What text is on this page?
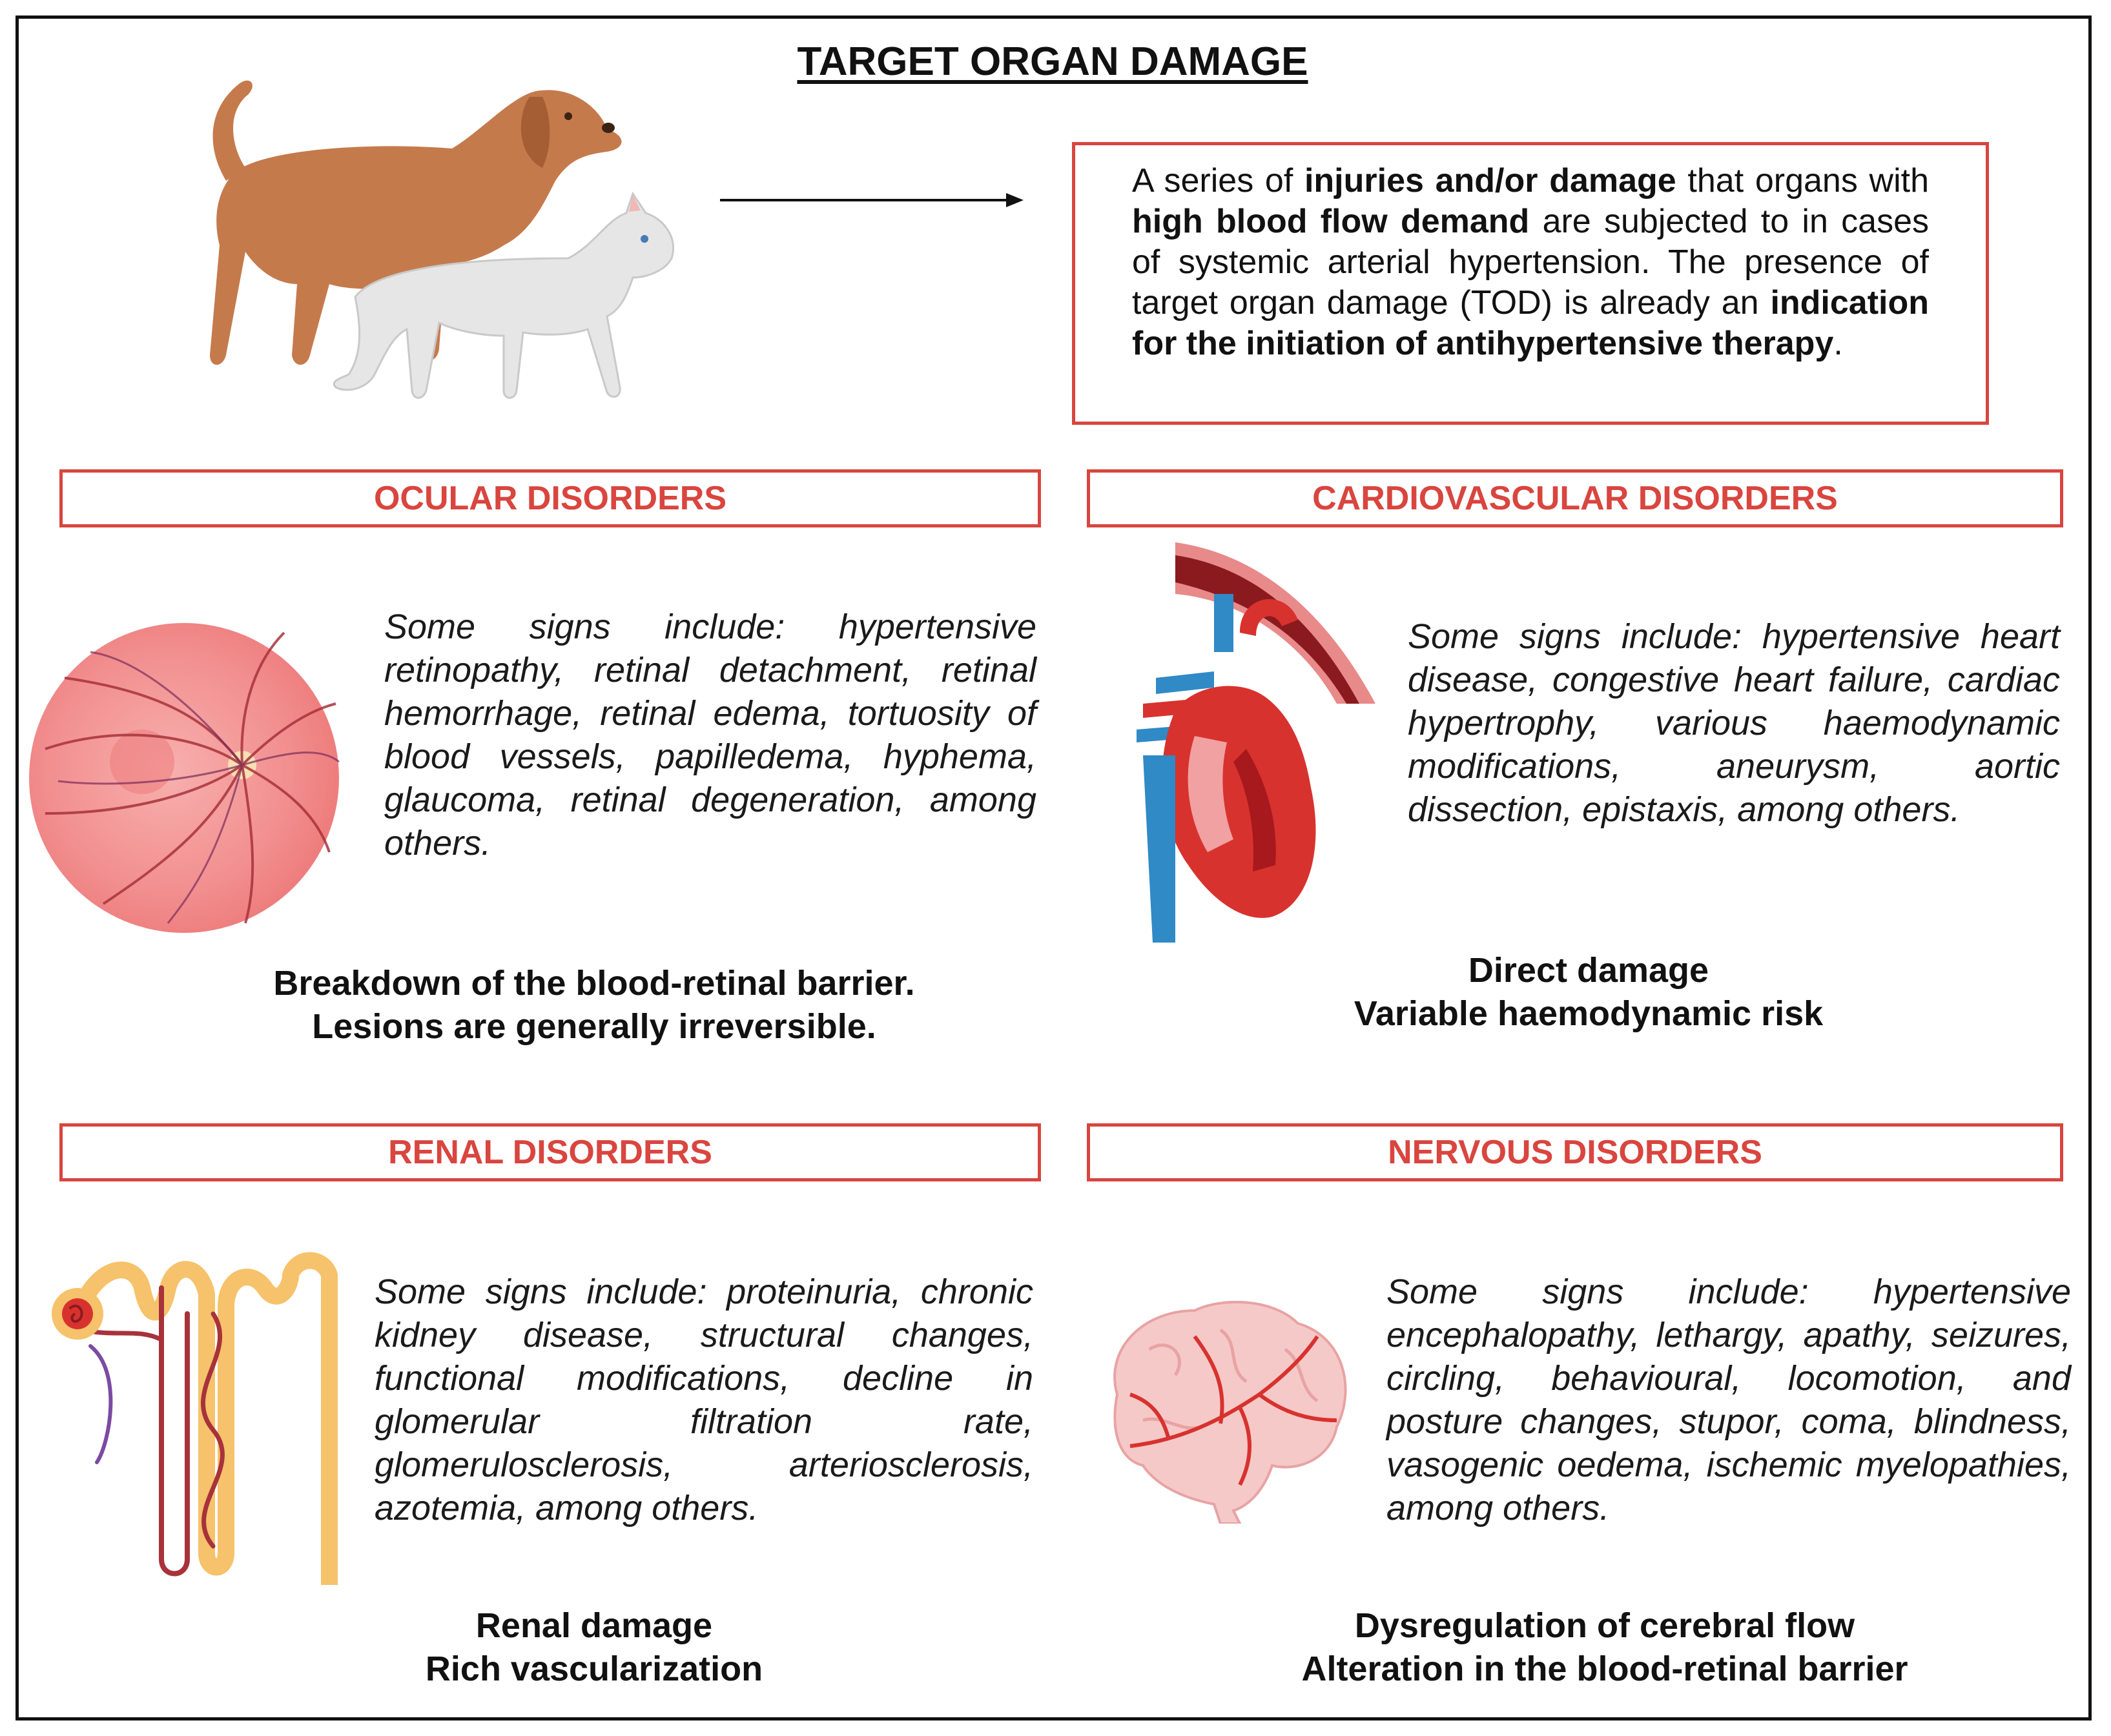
TARGET ORGAN DAMAGE
A series of injuries and/or damage that organs with high blood flow demand are subjected to in cases of systemic arterial hypertension. The presence of target organ damage (TOD) is already an indication for the initiation of antihypertensive therapy.
OCULAR DISORDERS
Some signs include: hypertensive retinopathy, retinal detachment, retinal hemorrhage, retinal edema, tortuosity of blood vessels, papilledema, hyphema, glaucoma, retinal degeneration, among others.
Breakdown of the blood-retinal barrier.
Lesions are generally irreversible.
CARDIOVASCULAR DISORDERS
Some signs include: hypertensive heart disease, congestive heart failure, cardiac hypertrophy, various haemodynamic modifications, aneurysm, aortic dissection, epistaxis, among others.
Direct damage
Variable haemodynamic risk
RENAL DISORDERS
Some signs include: proteinuria, chronic kidney disease, structural changes, functional modifications, decline in glomerular filtration rate, glomerulosclerosis, arteriosclerosis, azotemia, among others.
Renal damage
Rich vascularization
NERVOUS DISORDERS
Some signs include: hypertensive encephalopathy, lethargy, apathy, seizures, circling, behavioural, locomotion, and posture changes, stupor, coma, blindness, vasogenic oedema, ischemic myelopathies, among others.
Dysregulation of cerebral flow
Alteration in the blood-retinal barrier
